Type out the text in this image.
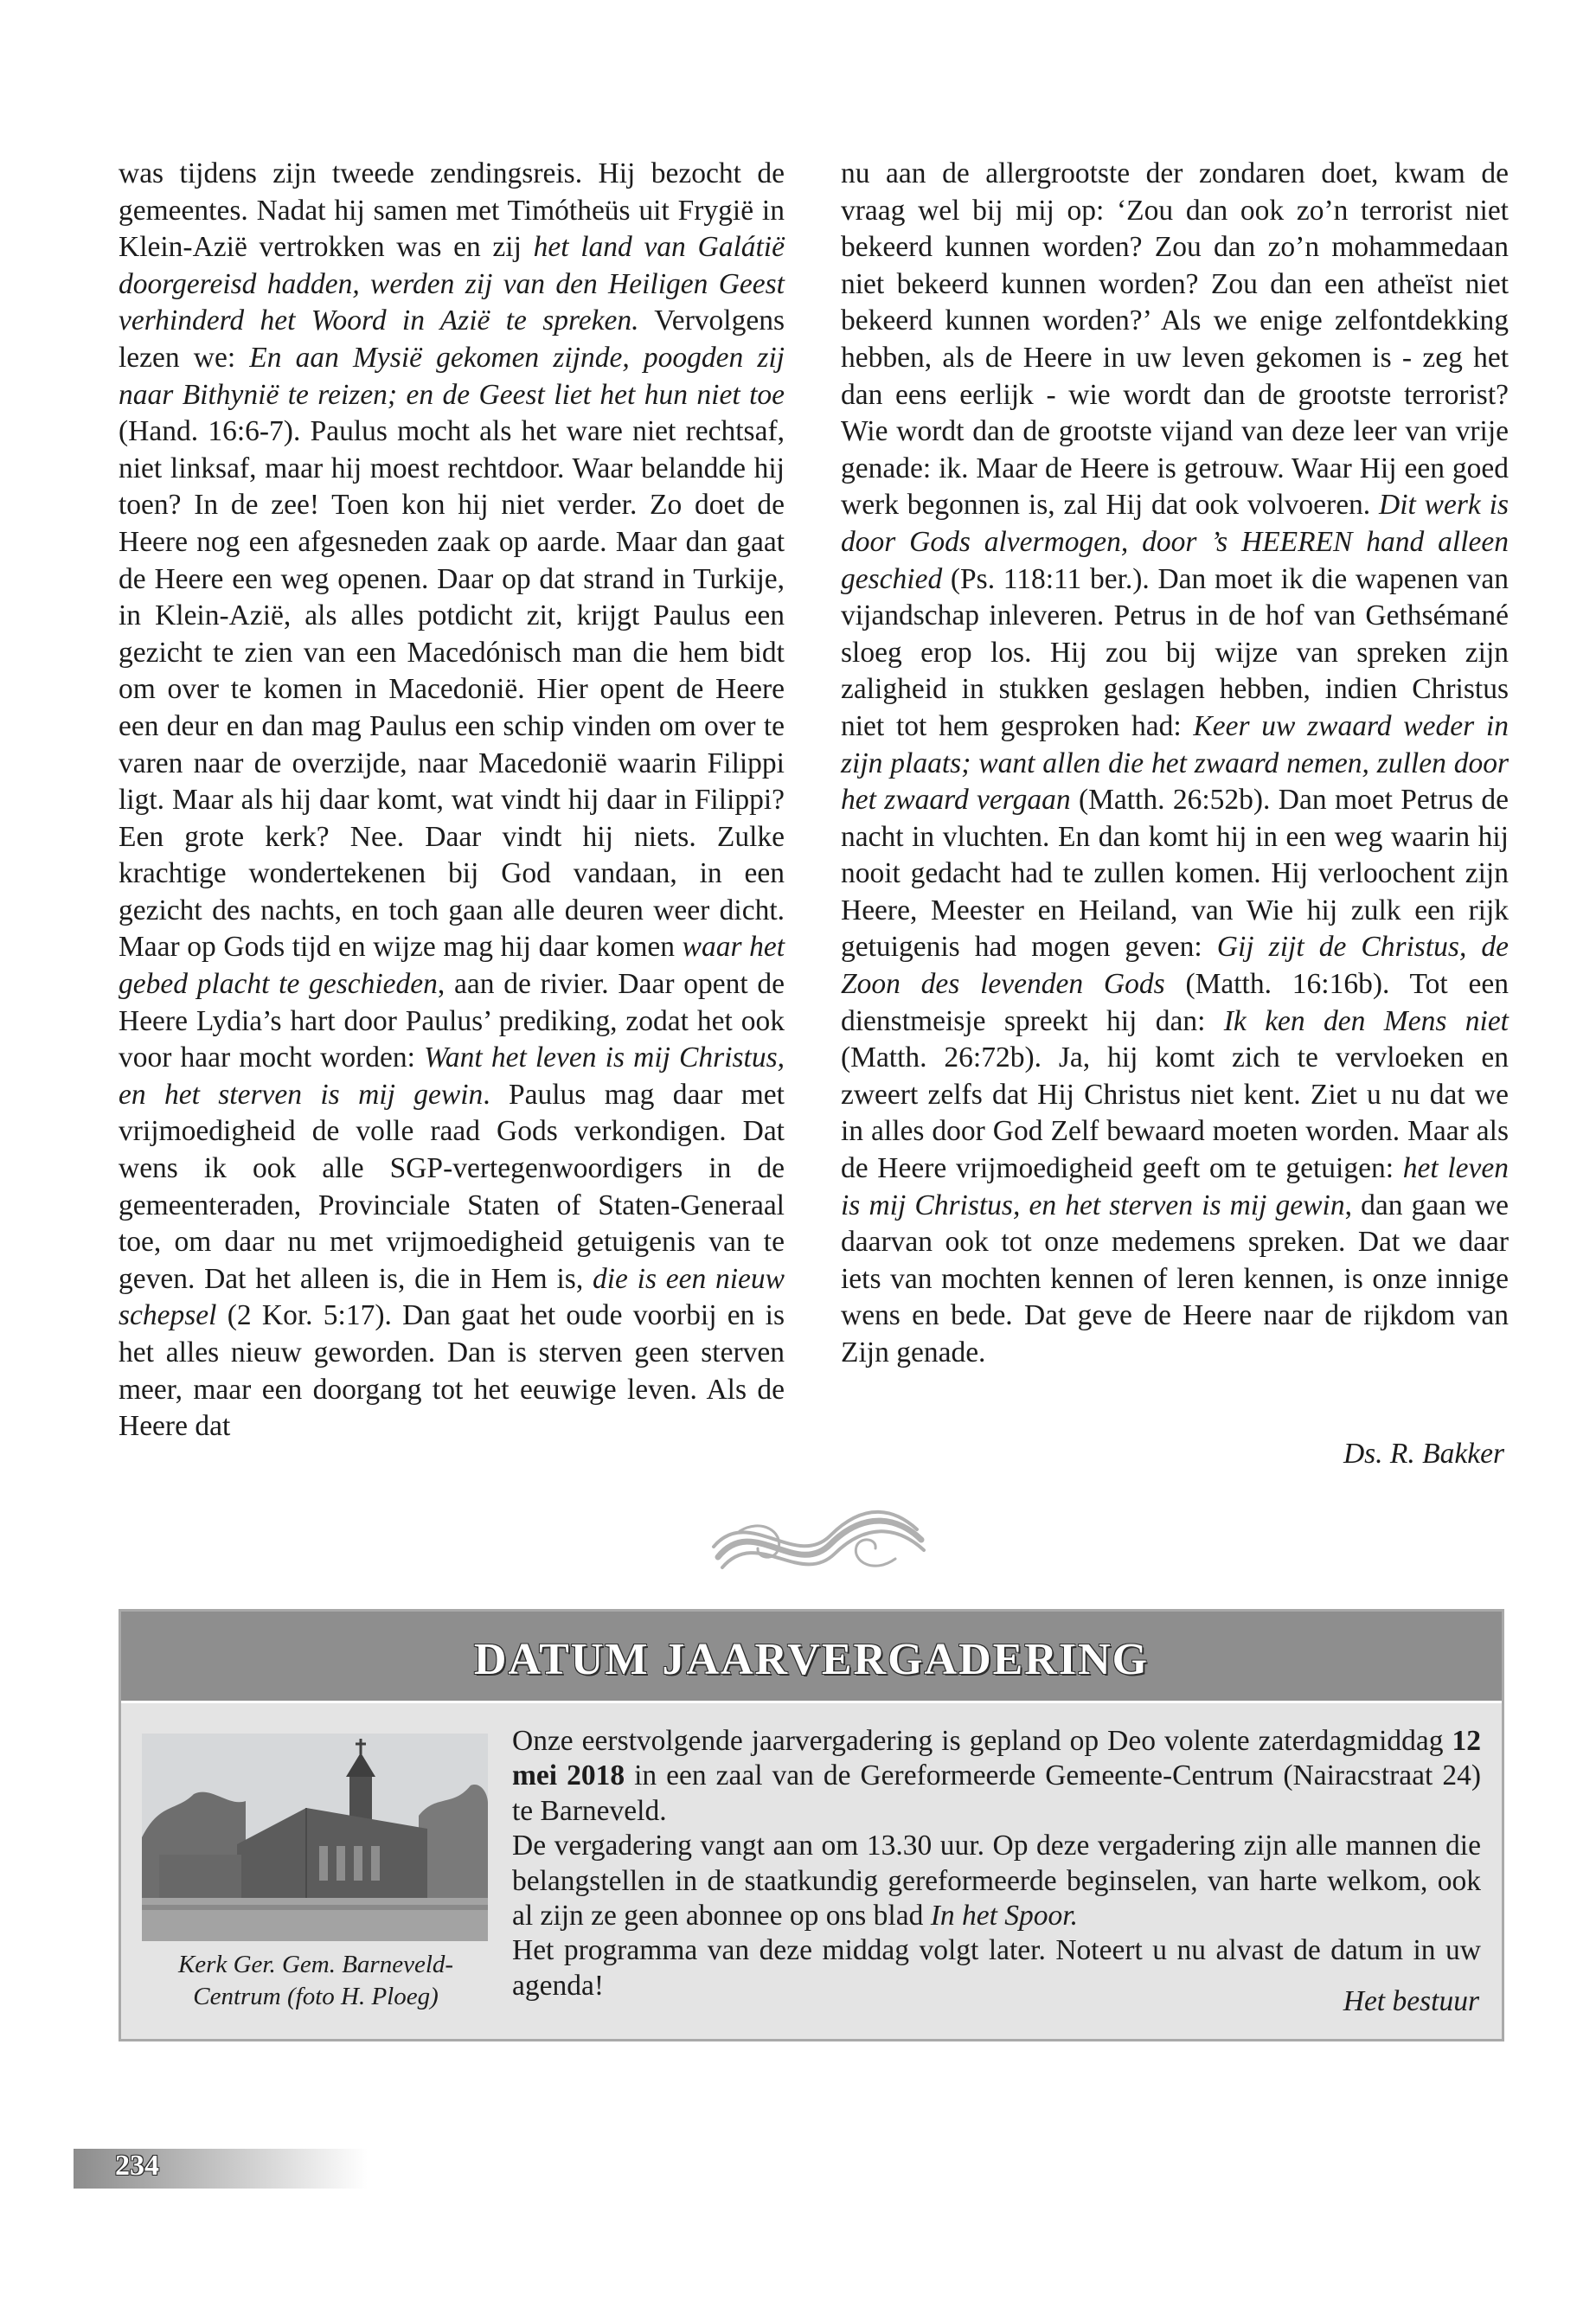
was tijdens zijn tweede zendingsreis. Hij bezocht de gemeentes. Nadat hij samen met Timótheüs uit Frygië in Klein-Azië vertrokken was en zij het land van Galátië doorgereisd hadden, werden zij van den Heiligen Geest verhinderd het Woord in Azië te spreken. Vervolgens lezen we: En aan Mysië gekomen zijnde, poogden zij naar Bithynië te reizen; en de Geest liet het hun niet toe (Hand. 16:6-7). Paulus mocht als het ware niet rechtsaf, niet linksaf, maar hij moest rechtdoor. Waar belandde hij toen? In de zee! Toen kon hij niet verder. Zo doet de Heere nog een afgesneden zaak op aarde. Maar dan gaat de Heere een weg openen. Daar op dat strand in Turkije, in Klein-Azië, als alles potdicht zit, krijgt Paulus een gezicht te zien van een Macedónisch man die hem bidt om over te komen in Macedonië. Hier opent de Heere een deur en dan mag Paulus een schip vinden om over te varen naar de overzijde, naar Macedonië waarin Filippi ligt. Maar als hij daar komt, wat vindt hij daar in Filippi? Een grote kerk? Nee. Daar vindt hij niets. Zulke krachtige wondertekenen bij God vandaan, in een gezicht des nachts, en toch gaan alle deuren weer dicht. Maar op Gods tijd en wijze mag hij daar komen waar het gebed placht te geschieden, aan de rivier. Daar opent de Heere Lydia’s hart door Paulus’ prediking, zodat het ook voor haar mocht worden: Want het leven is mij Christus, en het sterven is mij gewin. Paulus mag daar met vrijmoedigheid de volle raad Gods verkondigen. Dat wens ik ook alle SGP-vertegenwoordigers in de gemeenteraden, Provinciale Staten of Staten-Generaal toe, om daar nu met vrijmoedigheid getuigenis van te geven. Dat het alleen is, die in Hem is, die is een nieuw schepsel (2 Kor. 5:17). Dan gaat het oude voorbij en is het alles nieuw geworden. Dan is sterven geen sterven meer, maar een doorgang tot het eeuwige leven. Als de Heere dat

nu aan de allergrootste der zondaren doet, kwam de vraag wel bij mij op: ‘Zou dan ook zo’n terrorist niet bekeerd kunnen worden? Zou dan zo’n mohammedaan niet bekeerd kunnen worden? Zou dan een atheïst niet bekeerd kunnen worden?’ Als we enige zelfontdekking hebben, als de Heere in uw leven gekomen is - zeg het dan eens eerlijk - wie wordt dan de grootste terrorist? Wie wordt dan de grootste vijand van deze leer van vrije genade: ik. Maar de Heere is getrouw. Waar Hij een goed werk begonnen is, zal Hij dat ook volvoeren. Dit werk is door Gods alvermogen, door ’s HEEREN hand alleen geschied (Ps. 118:11 ber.). Dan moet ik die wapenen van vijandschap inleveren. Petrus in de hof van Gethsémané sloeg erop los. Hij zou bij wijze van spreken zijn zaligheid in stukken geslagen hebben, indien Christus niet tot hem gesproken had: Keer uw zwaard weder in zijn plaats; want allen die het zwaard nemen, zullen door het zwaard vergaan (Matth. 26:52b). Dan moet Petrus de nacht in vluchten. En dan komt hij in een weg waarin hij nooit gedacht had te zullen komen. Hij verloochent zijn Heere, Meester en Heiland, van Wie hij zulk een rijk getuigenis had mogen geven: Gij zijt de Christus, de Zoon des levenden Gods (Matth. 16:16b). Tot een dienstmeisje spreekt hij dan: Ik ken den Mens niet (Matth. 26:72b). Ja, hij komt zich te vervloeken en zweert zelfs dat Hij Christus niet kent. Ziet u nu dat we in alles door God Zelf bewaard moeten worden. Maar als de Heere vrijmoedigheid geeft om te getuigen: het leven is mij Christus, en het sterven is mij gewin, dan gaan we daarvan ook tot onze medemens spreken. Dat we daar iets van mochten kennen of leren kennen, is onze innige wens en bede. Dat geve de Heere naar de rijkdom van Zijn genade.

Ds. R. Bakker
DATUM JAARVERGADERING
Kerk Ger. Gem. Barneveld-
Centrum (foto H. Ploeg)

Onze eerstvolgende jaarvergadering is gepland op Deo volente zaterdagmiddag 12 mei 2018 in een zaal van de Gereformeerde Gemeente-Centrum (Nairacstraat 24) te Barneveld.

De vergadering vangt aan om 13.30 uur. Op deze vergadering zijn alle mannen die belangstellen in de staatkundig gereformeerde beginselen, van harte welkom, ook al zijn ze geen abonnee op ons blad In het Spoor.

Het programma van deze middag volgt later. Noteert u nu alvast de datum in uw agenda!	Het bestuur
234
